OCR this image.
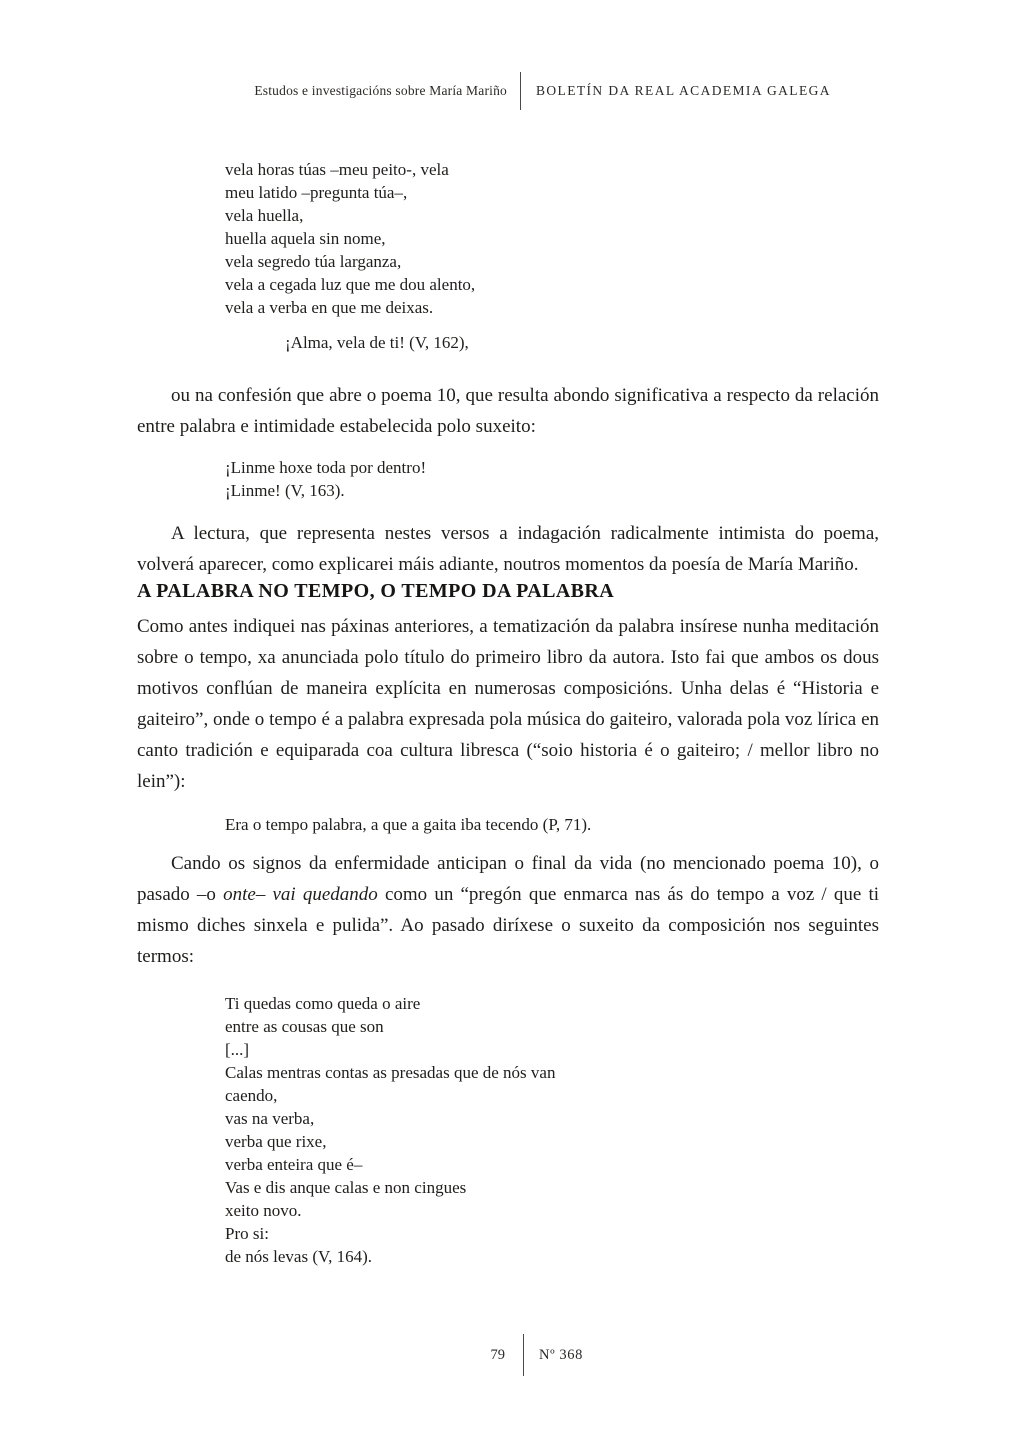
Estudos e investigacións sobre María Mariño	BOLETÍN DA REAL ACADEMIA GALEGA
vela horas túas –meu peito-, vela
meu latido –pregunta túa–,
vela huella,
huella aquela sin nome,
vela segredo túa larganza,
vela a cegada luz que me dou alento,
vela a verba en que me deixas.
¡Alma, vela de ti! (V, 162),

ou na confesión que abre o poema 10, que resulta abondo significativa a respecto da relación entre palabra e intimidade estabelecida polo suxeito:

¡Linme hoxe toda por dentro!
¡Linme! (V, 163).

A lectura, que representa nestes versos a indagación radicalmente intimista do poema, volverá aparecer, como explicarei máis adiante, noutros momentos da poesía de María Mariño.

A PALABRA NO TEMPO, O TEMPO DA PALABRA

Como antes indiquei nas páxinas anteriores, a tematización da palabra insírese nunha meditación sobre o tempo, xa anunciada polo título do primeiro libro da autora. Isto fai que ambos os dous motivos conflúan de maneira explícita en numerosas composicións. Unha delas é “Historia e gaiteiro”, onde o tempo é a palabra expresada pola música do gaiteiro, valorada pola voz lírica en canto tradición e equiparada coa cultura libresca (“soio historia é o gaiteiro; / mellor libro no lein”):

Era o tempo palabra, a que a gaita iba tecendo (P, 71).

Cando os signos da enfermidade anticipan o final da vida (no mencionado poema 10), o pasado –o onte– vai quedando como un “pregón que enmarca nas ás do tempo a voz / que ti mismo diches sinxela e pulida”. Ao pasado diríxese o suxeito da composición nos seguintes termos:

Ti quedas como queda o aire
entre as cousas que son
[...]
Calas mentras contas as presadas que de nós van
caendo,
vas na verba,
verba que rixe,
verba enteira que é–
Vas e dis anque calas e non cingues
xeito novo.
Pro si:
de nós levas (V, 164).
79	Nº 368
